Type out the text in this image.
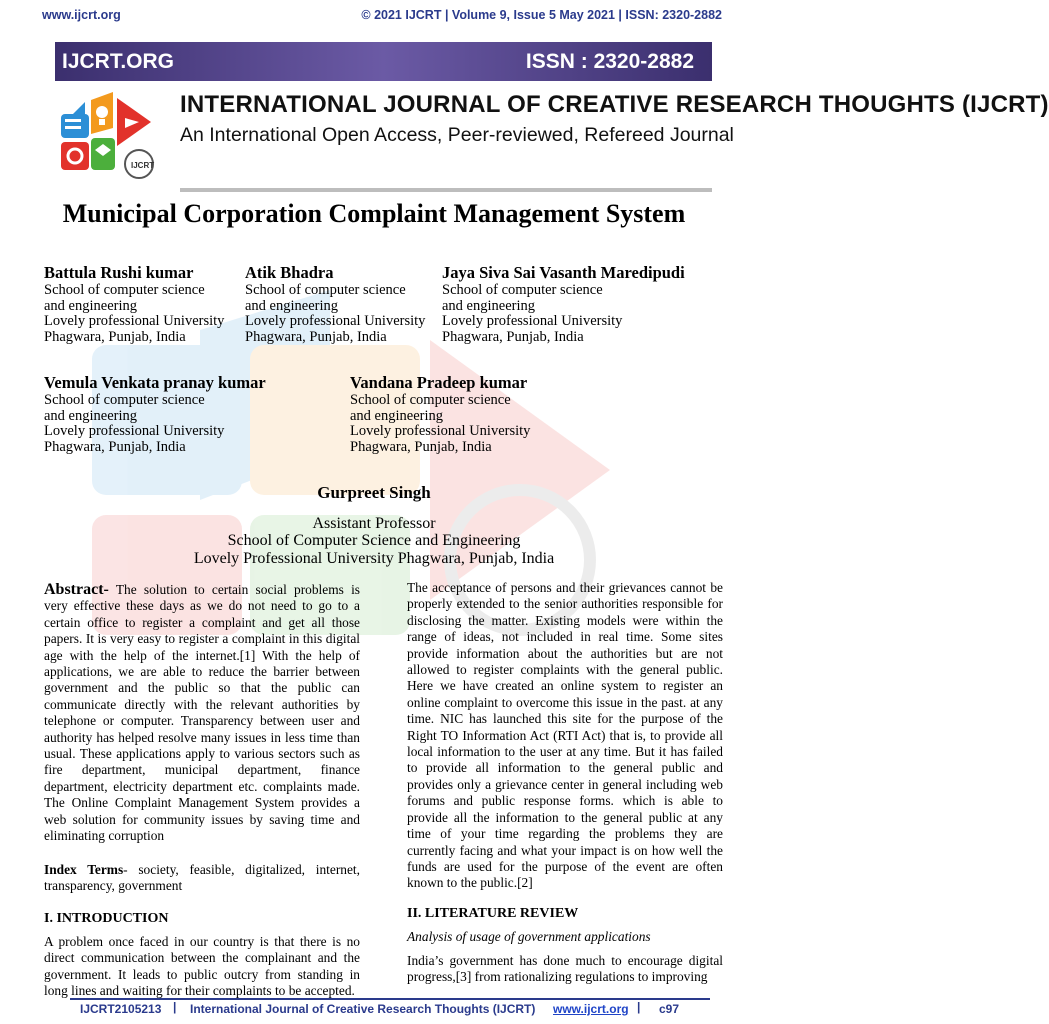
www.ijcrt.org	© 2021 IJCRT | Volume 9, Issue 5 May 2021 | ISSN: 2320-2882
IJCRT.ORG	ISSN : 2320-2882
IJCRT
INTERNATIONAL JOURNAL OF CREATIVE RESEARCH THOUGHTS (IJCRT)
An International Open Access, Peer-reviewed, Refereed Journal
Municipal Corporation Complaint Management System
Battula Rushi kumar
School of computer science
and engineering
Lovely professional University
Phagwara, Punjab, India
Atik Bhadra
School of computer science
and engineering
Lovely professional University
Phagwara, Punjab, India
Jaya Siva Sai Vasanth Maredipudi
School of computer science
and engineering
Lovely professional University
Phagwara, Punjab, India
Vemula Venkata pranay kumar
School of computer science
and engineering
Lovely professional University
Phagwara, Punjab, India
Vandana Pradeep kumar
School of computer science
and engineering
Lovely professional University
Phagwara, Punjab, India
Gurpreet Singh
Assistant Professor
School of Computer Science and Engineering
Lovely Professional University Phagwara, Punjab, India

Abstract- The solution to certain social problems is very effective these days as we do not need to go to a certain office to register a complaint and get all those papers. It is very easy to register a complaint in this digital age with the help of the internet.[1] With the help of applications, we are able to reduce the barrier between government and the public so that the public can communicate directly with the relevant authorities by telephone or computer. Transparency between user and authority has helped resolve many issues in less time than usual. These applications apply to various sectors such as fire department, municipal department, finance department, electricity department etc. complaints made. The Online Complaint Management System provides a web solution for community issues by saving time and eliminating corruption

Index Terms- society, feasible, digitalized, internet, transparency, government

I. INTRODUCTION

A problem once faced in our country is that there is no direct communication between the complainant and the government. It leads to public outcry from standing in long lines and waiting for their complaints to be accepted.

The acceptance of persons and their grievances cannot be properly extended to the senior authorities responsible for disclosing the matter. Existing models were within the range of ideas, not included in real time. Some sites provide information about the authorities but are not allowed to register complaints with the general public. Here we have created an online system to register an online complaint to overcome this issue in the past. at any time. NIC has launched this site for the purpose of the Right TO Information Act (RTI Act) that is, to provide all local information to the user at any time. But it has failed to provide all information to the general public and provides only a grievance center in general including web forums and public response forms. which is able to provide all the information to the general public at any time of your time regarding the problems they are currently facing and what your impact is on how well the funds are used for the purpose of the event are often known to the public.[2]

II. LITERATURE REVIEW

Analysis of usage of government applications

India’s government has done much to encourage digital progress,[3] from rationalizing regulations to improving

IJCRT2105213 | International Journal of Creative Research Thoughts (IJCRT) www.ijcrt.org | c97
